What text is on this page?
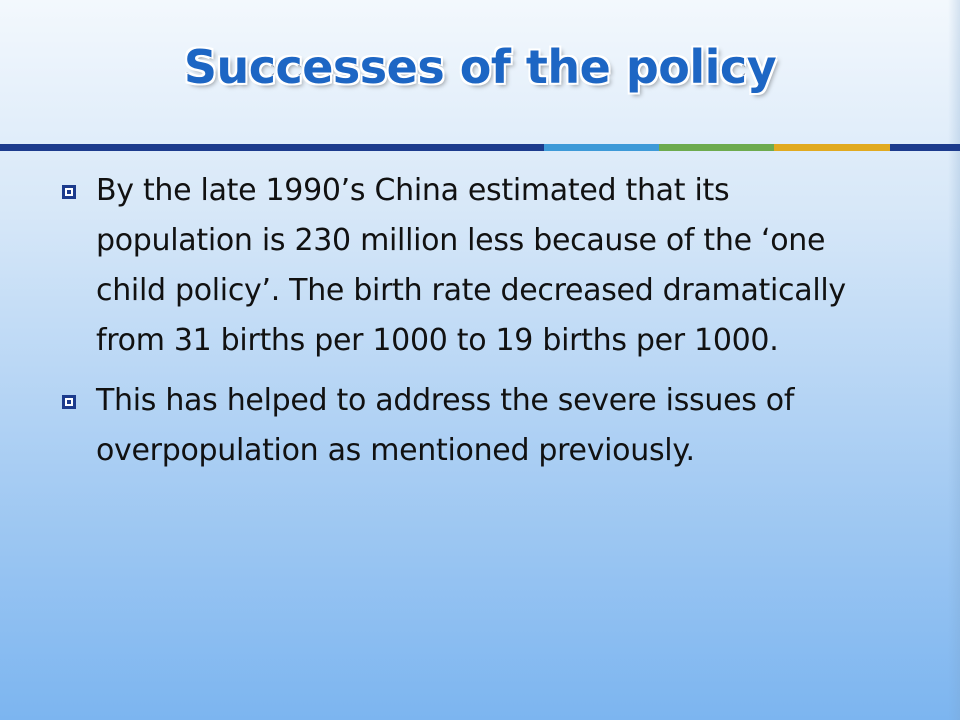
Successes of the policy
By the late 1990’s China estimated that its population is 230 million less because of the ‘one child policy’. The birth rate decreased dramatically from 31 births per 1000 to 19 births per 1000.
This has helped to address the severe issues of overpopulation as mentioned previously.
